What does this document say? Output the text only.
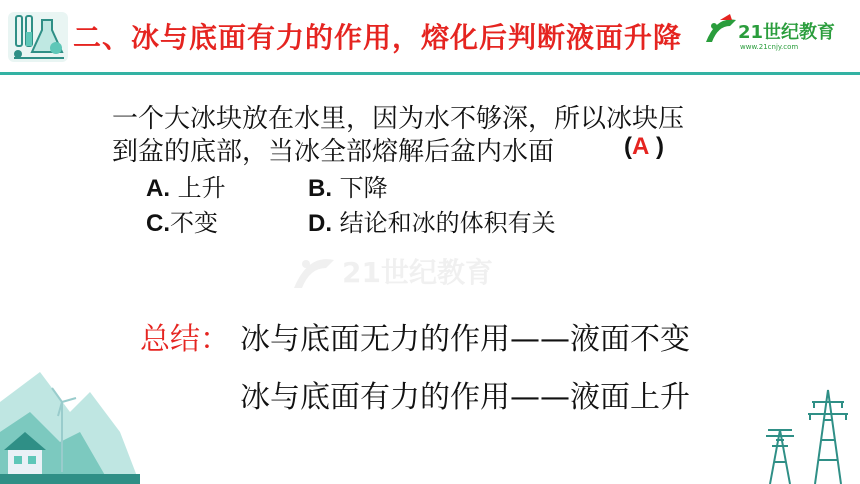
二、冰与底面有力的作用，熔化后判断液面升降	21世纪教育
www.21cnjy.com
一个大冰块放在水里，因为水不够深，所以冰块压
到盆的底部，当冰全部熔解后盆内水面	(A )
A. 上升	B. 下降
C.不变	D. 结论和冰的体积有关
21世纪教育
总结： 冰与底面无力的作用——液面不变
冰与底面有力的作用——液面上升
